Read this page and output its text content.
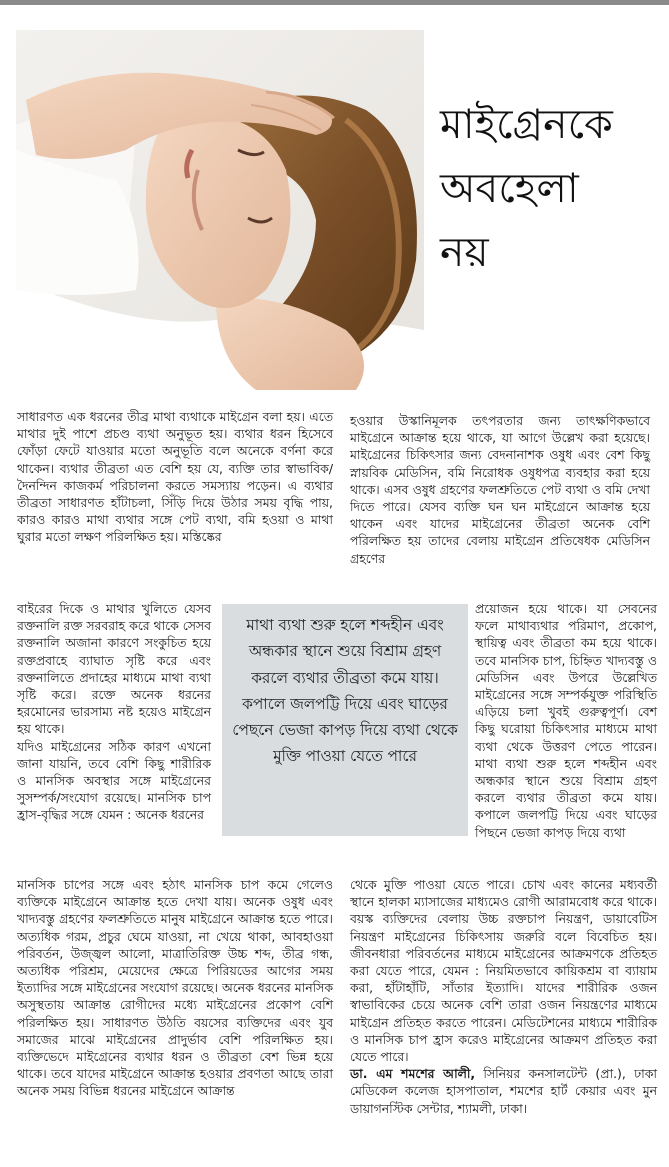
মাইগ্রেনকে
অবহেলা
নয়

সাধারণত এক ধরনের তীব্র মাথা ব্যথাকে মাইগ্রেন বলা হয়। এতে মাথার দুই পাশে প্রচণ্ড ব্যথা অনুভূত হয়। ব্যথার ধরন হিসেবে ফোঁড়া ফেটে যাওয়ার মতো অনুভূতি বলে অনেকে বর্ণনা করে থাকেন। ব্যথার তীব্রতা এত বেশি হয় যে, ব্যক্তি তার স্বাভাবিক/দৈনন্দিন কাজকর্ম পরিচালনা করতে সমস্যায় পড়েন। এ ব্যথার তীব্রতা সাধারণত হাঁটাচলা, সিঁড়ি দিয়ে উঠার সময় বৃদ্ধি পায়, কারও কারও মাথা ব্যথার সঙ্গে পেট ব্যথা, বমি হওয়া ও মাথা ঘুরার মতো লক্ষণ পরিলক্ষিত হয়। মস্তিষ্কের

বাইরের দিকে ও মাথার খুলিতে যেসব রক্তনালি রক্ত সরবরাহ করে থাকে সেসব রক্তনালি অজানা কারণে সংকুচিত হয়ে রক্তপ্রবাহে ব্যাঘাত সৃষ্টি করে এবং রক্তনালিতে প্রদাহের মাধ্যমে মাথা ব্যথা সৃষ্টি করে। রক্তে অনেক ধরনের হরমোনের ভারসাম্য নষ্ট হয়েও মাইগ্রেন হয় থাকে।

যদিও মাইগ্রেনের সঠিক কারণ এখনো জানা যায়নি, তবে বেশি কিছু শারীরিক ও মানসিক অবস্থার সঙ্গে মাইগ্রেনের সুসম্পর্ক/সংযোগ রয়েছে। মানসিক চাপ হ্রাস-বৃদ্ধির সঙ্গে যেমন : অনেক ধরনের

মাথা ব্যথা শুরু হলে শব্দহীন এবং অন্ধকার স্থানে শুয়ে বিশ্রাম গ্রহণ করলে ব্যথার তীব্রতা কমে যায়। কপালে জলপট্টি দিয়ে এবং ঘাড়ের পেছনে ভেজা কাপড় দিয়ে ব্যথা থেকে মুক্তি পাওয়া যেতে পারে

মানসিক চাপের সঙ্গে এবং হঠাৎ মানসিক চাপ কমে গেলেও ব্যক্তিকে মাইগ্রেনে আক্রান্ত হতে দেখা যায়। অনেক ওষুধ এবং খাদ্যবস্তু গ্রহণের ফলশ্রুতিতে মানুষ মাইগ্রেনে আক্রান্ত হতে পারে। অত্যধিক গরম, প্রচুর ঘেমে যাওয়া, না খেয়ে থাকা, আবহাওয়া পরিবর্তন, উজ্জ্বল আলো, মাত্রাতিরিক্ত উচ্চ শব্দ, তীব্র গন্ধ, অত্যধিক পরিশ্রম, মেয়েদের ক্ষেত্রে পিরিয়ডের আগের সময় ইত্যাদির সঙ্গে মাইগ্রেনের সংযোগ রয়েছে। অনেক ধরনের মানসিক অসুস্থতায় আক্রান্ত রোগীদের মধ্যে মাইগ্রেনের প্রকোপ বেশি পরিলক্ষিত হয়। সাধারণত উঠতি বয়সের ব্যক্তিদের এবং যুব সমাজের মাঝে মাইগ্রেনের প্রাদুর্ভাব বেশি পরিলক্ষিত হয়। ব্যক্তিভেদে মাইগ্রেনের ব্যথার ধরন ও তীব্রতা বেশ ভিন্ন হয়ে থাকে। তবে যাদের মাইগ্রেনে আক্রান্ত হওয়ার প্রবণতা আছে তারা অনেক সময় বিভিন্ন ধরনের মাইগ্রেনে আক্রান্ত

হওয়ার উস্কানিমূলক তৎপরতার জন্য তাৎক্ষণিকভাবে মাইগ্রেনে আক্রান্ত হয়ে থাকে, যা আগে উল্লেখ করা হয়েছে। মাইগ্রেনের চিকিৎসার জন্য বেদনানাশক ওষুধ এবং বেশ কিছু স্নায়বিক মেডিসিন, বমি নিরোধক ওষুধপত্র ব্যবহার করা হয়ে থাকে। এসব ওষুধ গ্রহণের ফলশ্রুতিতে পেট ব্যথা ও বমি দেখা দিতে পারে। যেসব ব্যক্তি ঘন ঘন মাইগ্রেনে আক্রান্ত হয়ে থাকেন এবং যাদের মাইগ্রেনের তীব্রতা অনেক বেশি পরিলক্ষিত হয় তাদের বেলায় মাইগ্রেন প্রতিষেধক মেডিসিন গ্রহণের

প্রয়োজন হয়ে থাকে। যা সেবনের ফলে মাথাব্যথার পরিমাণ, প্রকোপ, স্থায়িত্ব এবং তীব্রতা কম হয়ে থাকে। তবে মানসিক চাপ, চিহ্নিত খাদ্যবস্তু ও মেডিসিন এবং উপরে উল্লেখিত মাইগ্রেনের সঙ্গে সম্পর্কযুক্ত পরিস্থিতি এড়িয়ে চলা খুবই গুরুত্বপূর্ণ। বেশ কিছু ঘরোয়া চিকিৎসার মাধ্যমে মাথা ব্যথা থেকে উত্তরণ পেতে পারেন। মাথা ব্যথা শুরু হলে শব্দহীন এবং অন্ধকার স্থানে শুয়ে বিশ্রাম গ্রহণ করলে ব্যথার তীব্রতা কমে যায়। কপালে জলপট্টি দিয়ে এবং ঘাড়ের পিছনে ভেজা কাপড় দিয়ে ব্যথা

থেকে মুক্তি পাওয়া যেতে পারে। চোখ এবং কানের মধ্যবর্তী স্থানে হালকা ম্যাসাজের মাধ্যমেও রোগী আরামবোধ করে থাকে। বয়স্ক ব্যক্তিদের বেলায় উচ্চ রক্তচাপ নিয়ন্ত্রণ, ডায়াবেটিস নিয়ন্ত্রণ মাইগ্রেনের চিকিৎসায় জরুরি বলে বিবেচিত হয়। জীবনধারা পরিবর্তনের মাধ্যমে মাইগ্রেনের আক্রমণকে প্রতিহত করা যেতে পারে, যেমন : নিয়মিতভাবে কায়িকশ্রম বা ব্যায়াম করা, হাঁটাহাঁটি, সাঁতার ইত্যাদি। যাদের শারীরিক ওজন স্বাভাবিকের চেয়ে অনেক বেশি তারা ওজন নিয়ন্ত্রণের মাধ্যমে মাইগ্রেন প্রতিহত করতে পারেন। মেডিটেশনের মাধ্যমে শারীরিক ও মানসিক চাপ হ্রাস করেও মাইগ্রেনের আক্রমণ প্রতিহত করা যেতে পারে।

ডা. এম শমশের আলী, সিনিয়র কনসালটেন্ট (প্রা.), ঢাকা মেডিকেল কলেজ হাসপাতাল, শমশের হার্ট কেয়ার এবং মুন ডায়াগনস্টিক সেন্টার, শ্যামলী, ঢাকা।
